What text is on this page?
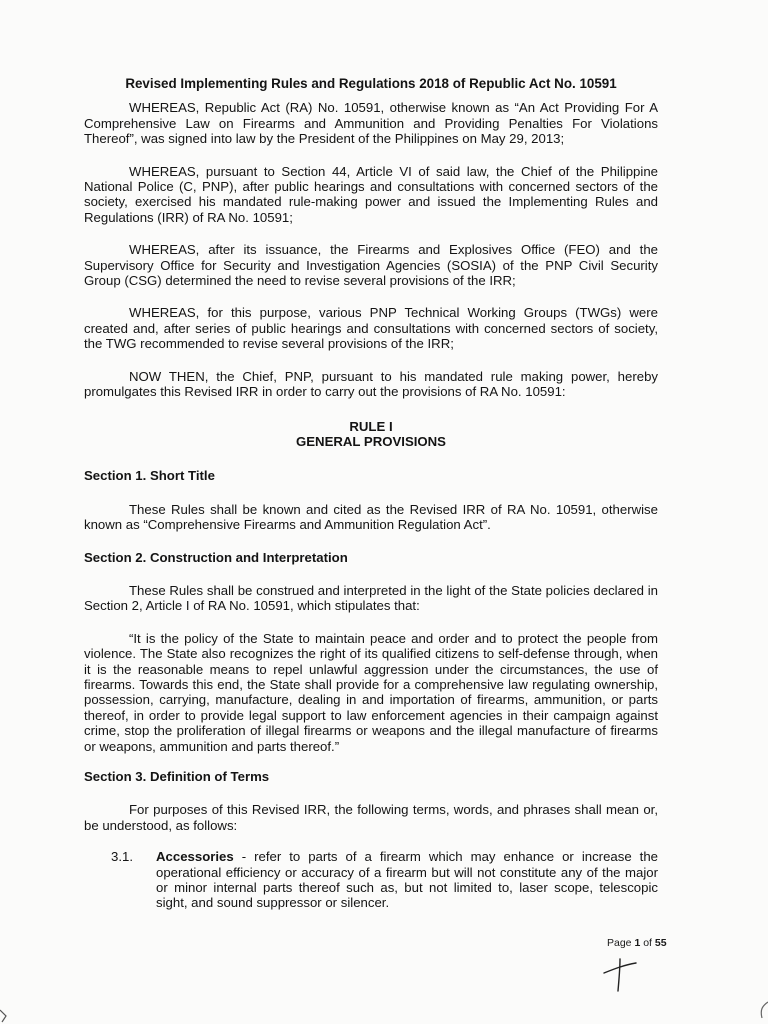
Revised Implementing Rules and Regulations 2018 of Republic Act No. 10591

WHEREAS, Republic Act (RA) No. 10591, otherwise known as “An Act Providing For A Comprehensive Law on Firearms and Ammunition and Providing Penalties For Violations Thereof”, was signed into law by the President of the Philippines on May 29, 2013;

WHEREAS, pursuant to Section 44, Article VI of said law, the Chief of the Philippine National Police (C, PNP), after public hearings and consultations with concerned sectors of the society, exercised his mandated rule-making power and issued the Implementing Rules and Regulations (IRR) of RA No. 10591;

WHEREAS, after its issuance, the Firearms and Explosives Office (FEO) and the Supervisory Office for Security and Investigation Agencies (SOSIA) of the PNP Civil Security Group (CSG) determined the need to revise several provisions of the IRR;

WHEREAS, for this purpose, various PNP Technical Working Groups (TWGs) were created and, after series of public hearings and consultations with concerned sectors of society, the TWG recommended to revise several provisions of the IRR;

NOW THEN, the Chief, PNP, pursuant to his mandated rule making power, hereby promulgates this Revised IRR in order to carry out the provisions of RA No. 10591:

RULE I
GENERAL PROVISIONS
Section 1. Short Title

These Rules shall be known and cited as the Revised IRR of RA No. 10591, otherwise known as “Comprehensive Firearms and Ammunition Regulation Act”.

Section 2. Construction and Interpretation

These Rules shall be construed and interpreted in the light of the State policies declared in Section 2, Article I of RA No. 10591, which stipulates that:

“It is the policy of the State to maintain peace and order and to protect the people from violence. The State also recognizes the right of its qualified citizens to self-defense through, when it is the reasonable means to repel unlawful aggression under the circumstances, the use of firearms. Towards this end, the State shall provide for a comprehensive law regulating ownership, possession, carrying, manufacture, dealing in and importation of firearms, ammunition, or parts thereof, in order to provide legal support to law enforcement agencies in their campaign against crime, stop the proliferation of illegal firearms or weapons and the illegal manufacture of firearms or weapons, ammunition and parts thereof.”

Section 3. Definition of Terms

For purposes of this Revised IRR, the following terms, words, and phrases shall mean or, be understood, as follows:

3.1.	Accessories - refer to parts of a firearm which may enhance or increase the operational efficiency or accuracy of a firearm but will not constitute any of the major or minor internal parts thereof such as, but not limited to, laser scope, telescopic sight, and sound suppressor or silencer.
Page 1 of 55
